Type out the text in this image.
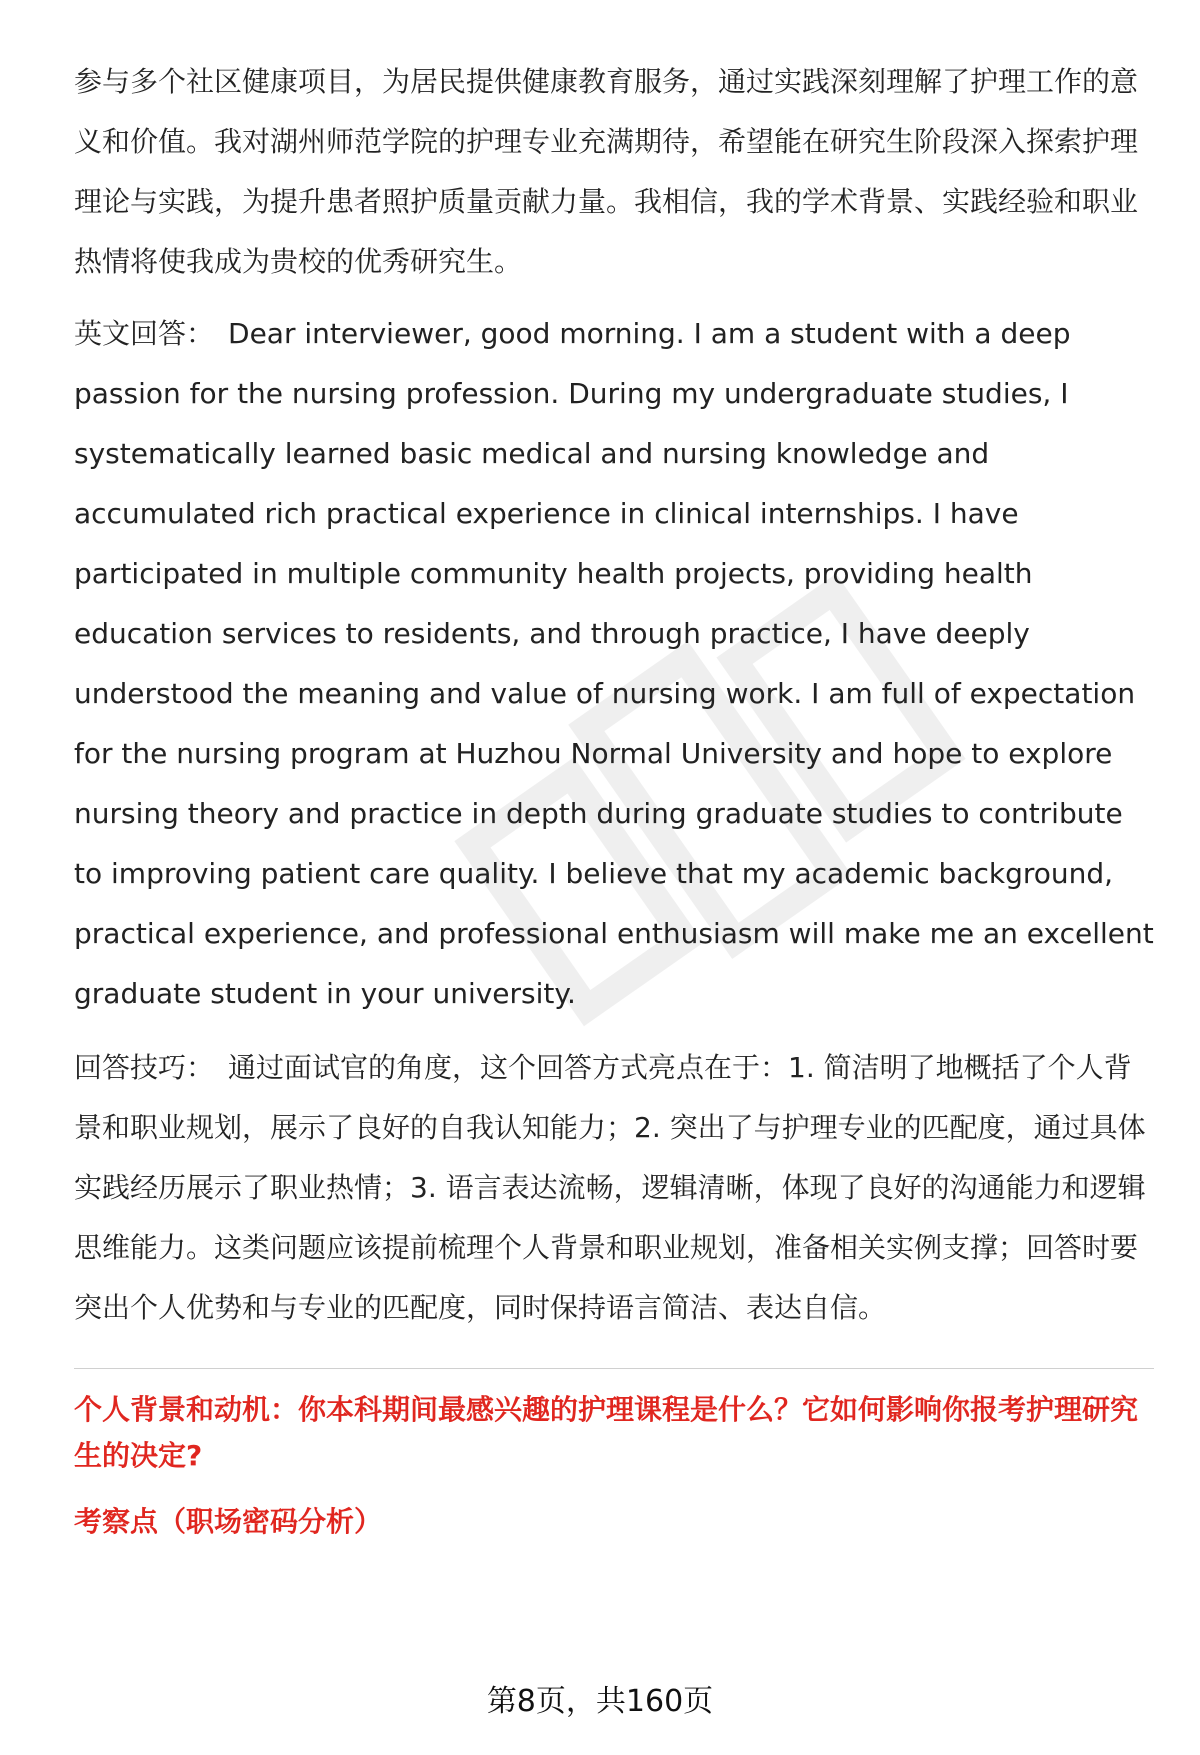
参与多个社区健康项目，为居民提供健康教育服务，通过实践深刻理解了护理工作的意义和价值。我对湖州师范学院的护理专业充满期待，希望能在研究生阶段深入探索护理理论与实践，为提升患者照护质量贡献力量。我相信，我的学术背景、实践经验和职业热情将使我成为贵校的优秀研究生。

英文回答： Dear interviewer, good morning. I am a student with a deep passion for the nursing profession. During my undergraduate studies, I systematically learned basic medical and nursing knowledge and accumulated rich practical experience in clinical internships. I have participated in multiple community health projects, providing health education services to residents, and through practice, I have deeply understood the meaning and value of nursing work. I am full of expectation for the nursing program at Huzhou Normal University and hope to explore nursing theory and practice in depth during graduate studies to contribute to improving patient care quality. I believe that my academic background, practical experience, and professional enthusiasm will make me an excellent graduate student in your university.

回答技巧： 通过面试官的角度，这个回答方式亮点在于：1. 简洁明了地概括了个人背景和职业规划，展示了良好的自我认知能力；2. 突出了与护理专业的匹配度，通过具体实践经历展示了职业热情；3. 语言表达流畅，逻辑清晰，体现了良好的沟通能力和逻辑思维能力。这类问题应该提前梳理个人背景和职业规划，准备相关实例支撑；回答时要突出个人优势和与专业的匹配度，同时保持语言简洁、表达自信。

个人背景和动机：你本科期间最感兴趣的护理课程是什么？它如何影响你报考护理研究生的决定?

考察点（职场密码分析）

第8页，共160页
